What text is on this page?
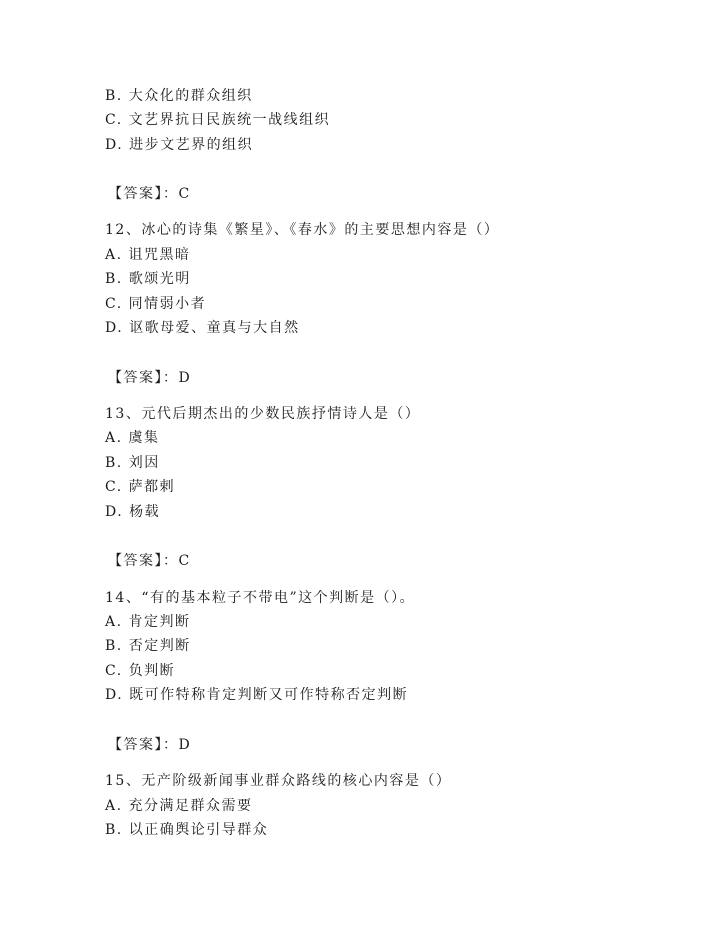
B. 大众化的群众组织
C. 文艺界抗日民族统一战线组织
D. 进步文艺界的组织
【答案】：C
12、冰心的诗集《繁星》、《春水》的主要思想内容是（）
A. 诅咒黑暗
B. 歌颂光明
C. 同情弱小者
D. 讴歌母爱、童真与大自然
【答案】：D
13、元代后期杰出的少数民族抒情诗人是（）
A. 虞集
B. 刘因
C. 萨都剌
D. 杨载
【答案】：C
14、“有的基本粒子不带电”这个判断是（）。
A. 肯定判断
B. 否定判断
C. 负判断
D. 既可作特称肯定判断又可作特称否定判断
【答案】：D
15、无产阶级新闻事业群众路线的核心内容是（）
A. 充分满足群众需要
B. 以正确舆论引导群众
